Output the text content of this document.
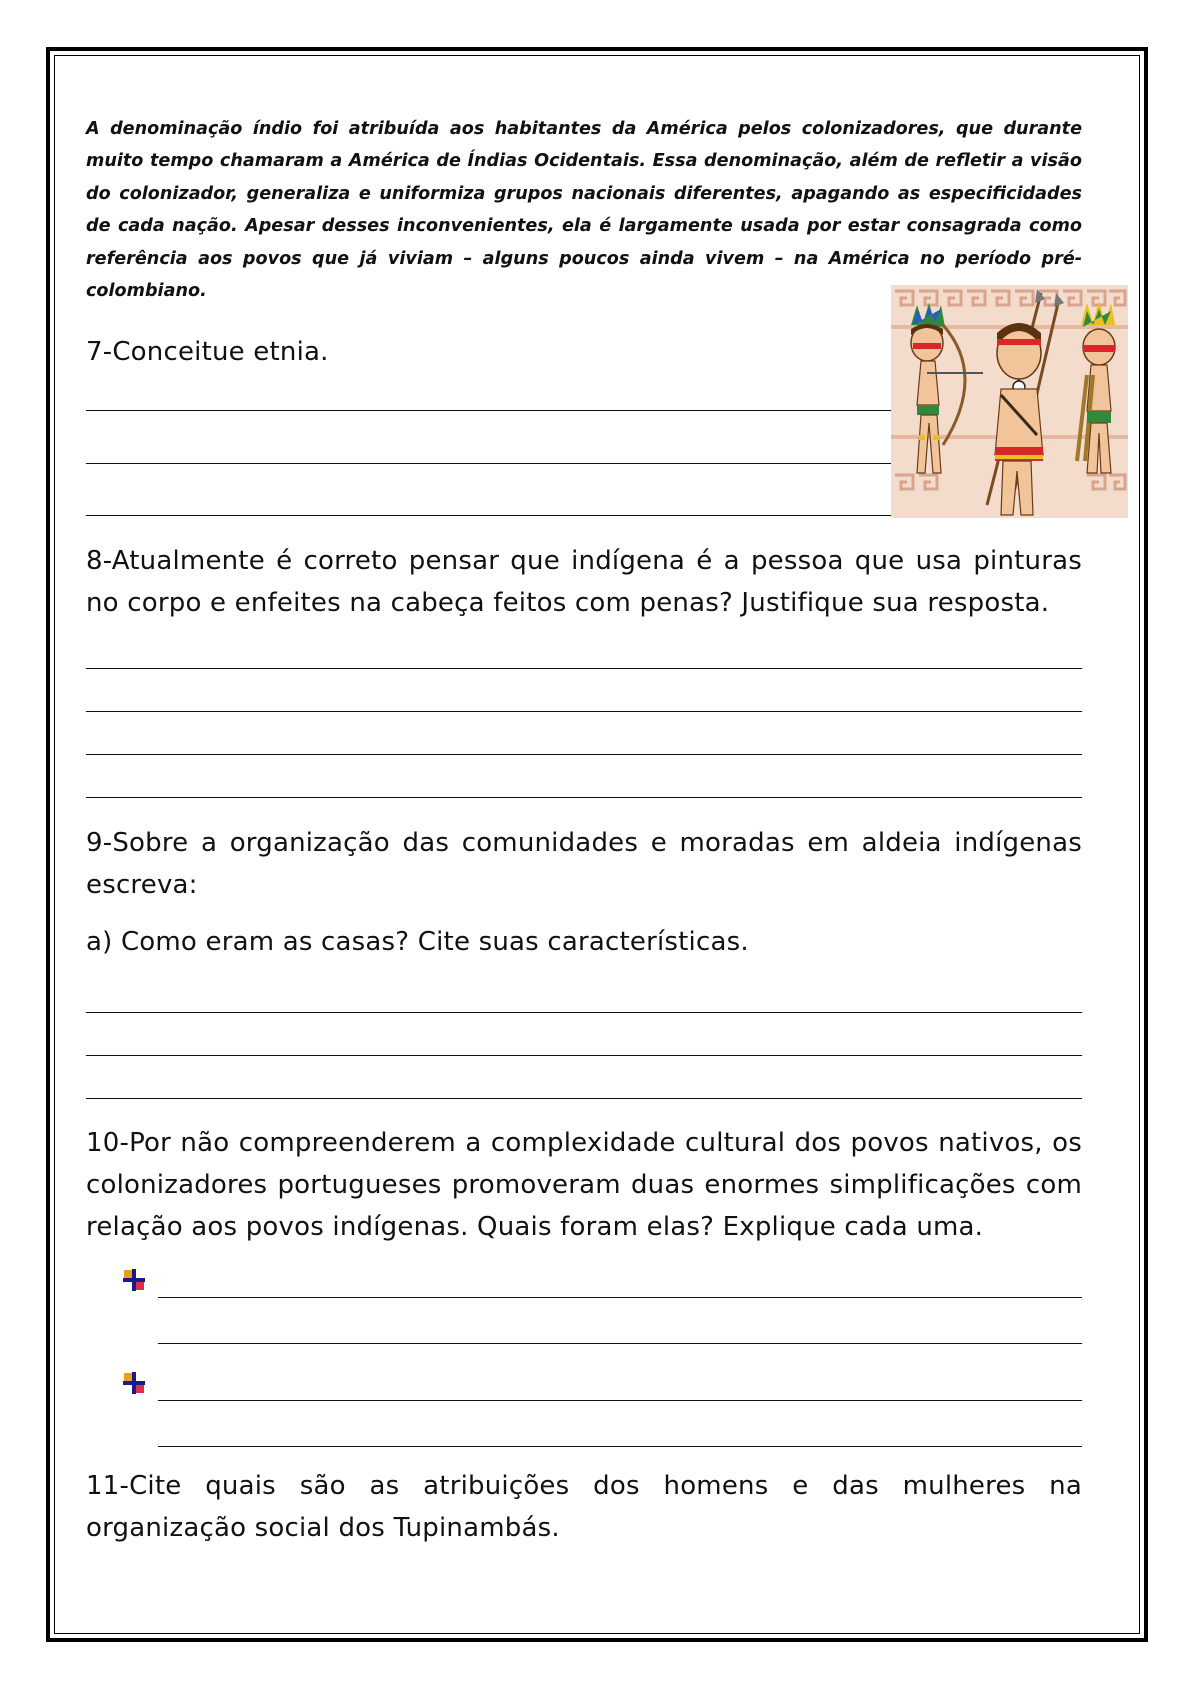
A denominação índio foi atribuída aos habitantes da América pelos colonizadores, que durante muito tempo chamaram a América de Índias Ocidentais. Essa denominação, além de refletir a visão do colonizador, generaliza e uniformiza grupos nacionais diferentes, apagando as especificidades de cada nação. Apesar desses inconvenientes, ela é largamente usada por estar consagrada como referência aos povos que já viviam – alguns poucos ainda vivem – na América no período pré-colombiano.

7-Conceitue etnia.

8-Atualmente é correto pensar que indígena é a pessoa que usa pinturas no corpo e enfeites na cabeça feitos com penas? Justifique sua resposta.

9-Sobre a organização das comunidades e moradas em aldeia indígenas escreva:

a) Como eram as casas? Cite suas características.

10-Por não compreenderem a complexidade cultural dos povos nativos, os colonizadores portugueses promoveram duas enormes simplificações com relação aos povos indígenas. Quais foram elas? Explique cada uma.

11-Cite quais são as atribuições dos homens e das mulheres na organização social dos Tupinambás.
